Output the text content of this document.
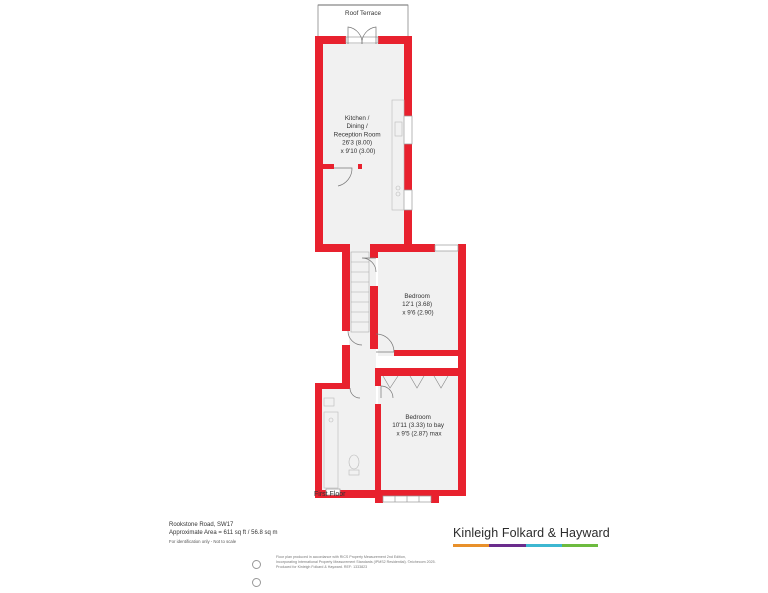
Roof Terrace
Kitchen / Dining / Reception Room 26'3 (8.00) x 9'10 (3.00)
Bedroom 12'1 (3.68) x 9'6 (2.90)
Bedroom 10'11 (3.33) to bay x 9'5 (2.87) max
First Floor
Rookstone Road, SW17
Approximate Area = 611 sq ft / 56.8 sq m
For identification only - Not to scale
Kinleigh Folkard & Hayward

Floor plan produced in accordance with RICS Property Measurement 2nd Edition,
Incorporating International Property Measurement Standards (IPMS2 Residential). ©nichecom 2025.
Produced for Kinleigh Folkard & Hayward. REF: 1333823
